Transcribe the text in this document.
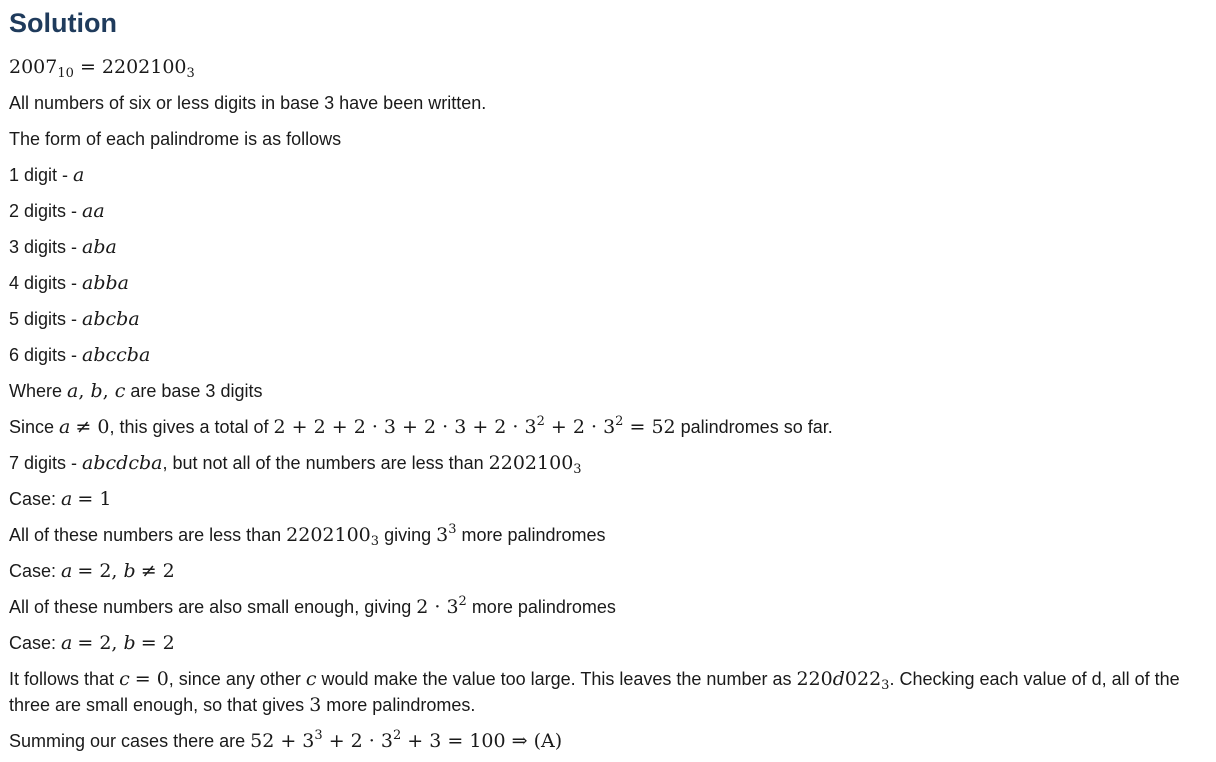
Solution
$2007_{10} = 2202100_3$
All numbers of six or less digits in base 3 have been written.
The form of each palindrome is as follows
1 digit - a
2 digits - aa
3 digits - aba
4 digits - abba
5 digits - abcba
6 digits - abccba
Where a, b, c are base 3 digits
Since a ≠ 0, this gives a total of $2 + 2 + 2 \cdot 3 + 2 \cdot 3 + 2 \cdot 3^2 + 2 \cdot 3^2 = 52$ palindromes so far.
7 digits - abcdcba, but not all of the numbers are less than $2202100_3$
Case: a = 1
All of these numbers are less than $2202100_3$ giving $3^3$ more palindromes
Case: a = 2, b ≠ 2
All of these numbers are also small enough, giving $2 \cdot 3^2$ more palindromes
Case: a = 2, b = 2
It follows that c = 0, since any other c would make the value too large. This leaves the number as $220d022_3$. Checking each value of d, all of the three are small enough, so that gives 3 more palindromes.
Summing our cases there are $52 + 3^3 + 2 \cdot 3^2 + 3 = 100$ ⇒ (A)
